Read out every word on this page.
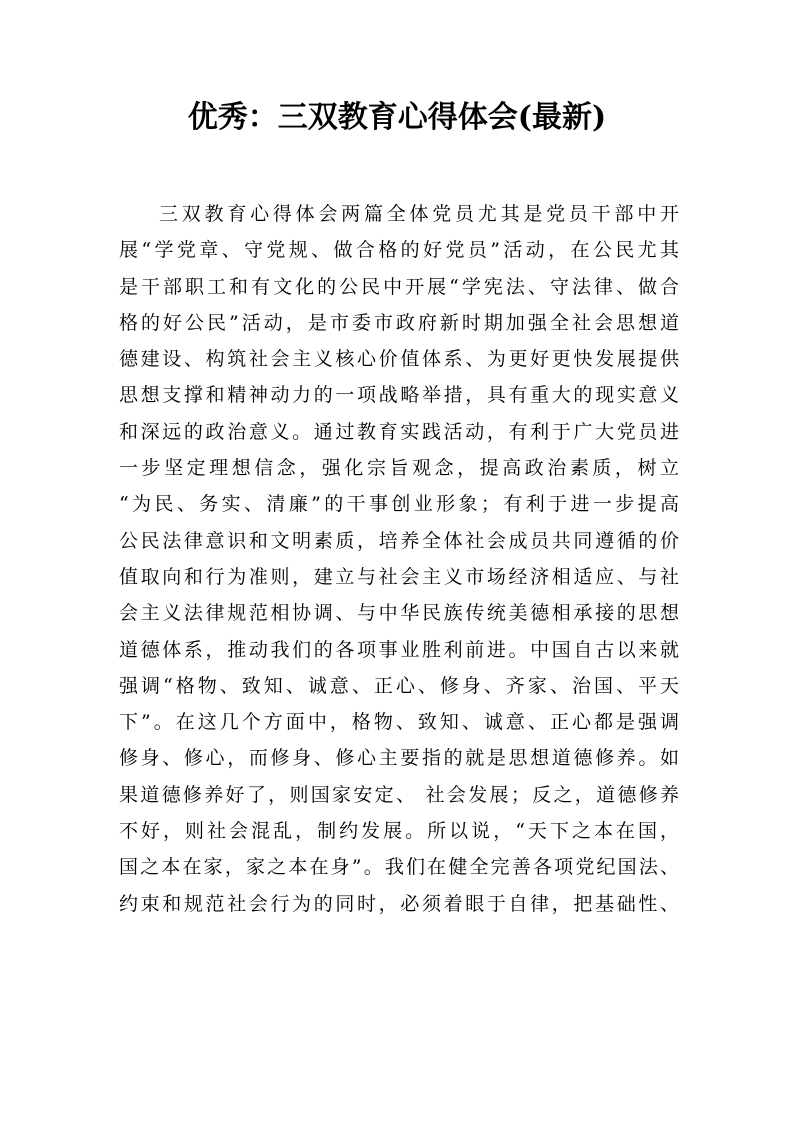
优秀：三双教育心得体会(最新)
三双教育心得体会两篇全体党员尤其是党员干部中开
展“学党章、守党规、做合格的好党员”活动，在公民尤其
是干部职工和有文化的公民中开展“学宪法、守法律、做合
格的好公民”活动，是市委市政府新时期加强全社会思想道
德建设、构筑社会主义核心价值体系、为更好更快发展提供
思想支撑和精神动力的一项战略举措，具有重大的现实意义
和深远的政治意义。通过教育实践活动，有利于广大党员进
一步坚定理想信念，强化宗旨观念，提高政治素质，树立
“为民、务实、清廉”的干事创业形象；有利于进一步提高
公民法律意识和文明素质，培养全体社会成员共同遵循的价
值取向和行为准则，建立与社会主义市场经济相适应、与社
会主义法律规范相协调、与中华民族传统美德相承接的思想
道德体系，推动我们的各项事业胜利前进。中国自古以来就
强调“格物、致知、诚意、正心、修身、齐家、治国、平天
下”。在这几个方面中，格物、致知、诚意、正心都是强调
修身、修心，而修身、修心主要指的就是思想道德修养。如
果道德修养好了，则国家安定、 社会发展；反之，道德修养
不好，则社会混乱，制约发展。所以说，“天下之本在国，
国之本在家，家之本在身”。我们在健全完善各项党纪国法、
约束和规范社会行为的同时，必须着眼于自律，把基础性、
